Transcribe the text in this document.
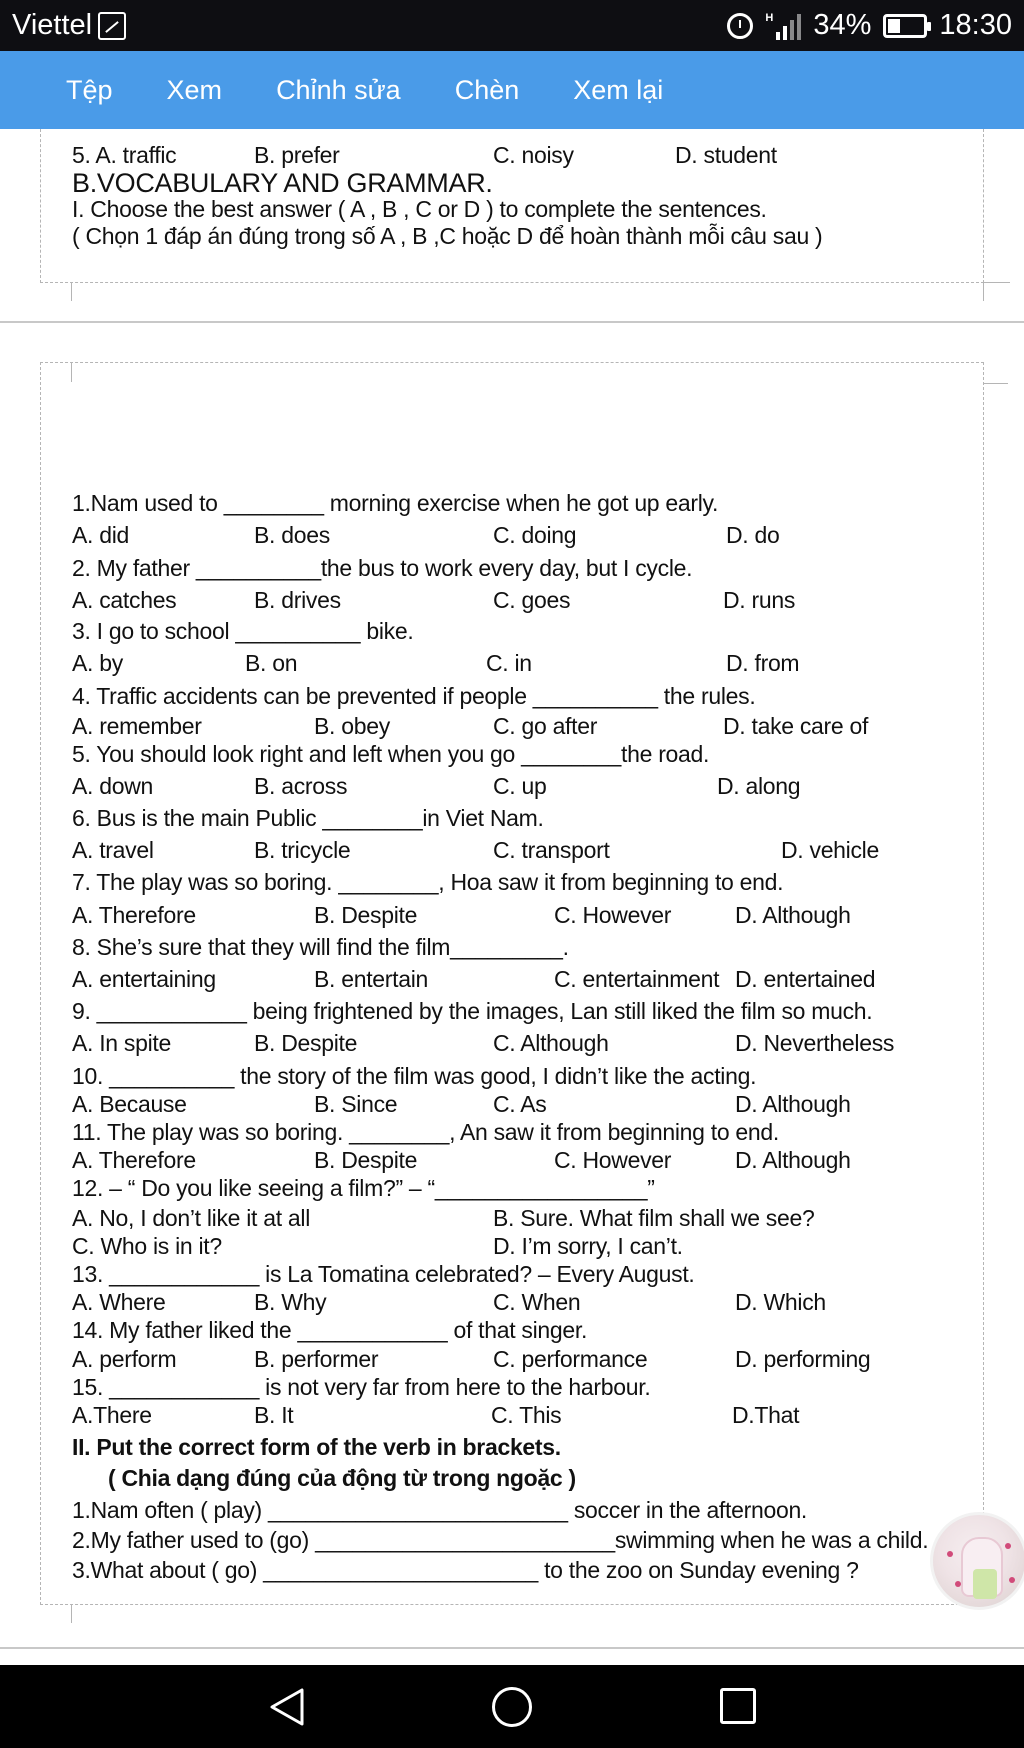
Viettel	H 34% 18:30
Tệp Xem Chỉnh sửa Chèn Xem lại
5. A. traffic	B. prefer	C. noisy	D. student
B.VOCABULARY AND GRAMMAR.
I. Choose the best answer ( A , B , C or D ) to complete the sentences.
( Chọn 1 đáp án đúng trong số A , B ,C hoặc D để hoàn thành mỗi câu sau )
1.Nam used to ________ morning exercise when he got up early.
A. did	B. does	C. doing	D. do
2. My father __________the bus to work every day, but I cycle.
A. catches	B. drives	C. goes	D. runs
3. I go to school __________ bike.
A. by	B. on	C. in	D. from
4. Traffic accidents can be prevented if people __________ the rules.
A. remember	B. obey	C. go after	D. take care of
5. You should look right and left when you go ________the road.
A. down	B. across	C. up	D. along
6. Bus is the main Public ________in Viet Nam.
A. travel	B. tricycle	C. transport	D. vehicle
7. The play was so boring. ________, Hoa saw it from beginning to end.
A. Therefore	B. Despite	C. However	D. Although
8. She’s sure that they will find the film_________.
A. entertaining	B. entertain	C. entertainment D. entertained
9. ____________ being frightened by the images, Lan still liked the film so much.
A. In spite	B. Despite	C. Although	D. Nevertheless
10. __________ the story of the film was good, I didn’t like the acting.
A. Because	B. Since	C. As	D. Although
11. The play was so boring. ________, An saw it from beginning to end.
A. Therefore	B. Despite	C. However	D. Although
12. – “ Do you like seeing a film?” – “_________________”
A. No, I don’t like it at all	B. Sure. What film shall we see?
C. Who is in it?	D. I’m sorry, I can’t.
13. ____________ is La Tomatina celebrated? – Every August.
A. Where	B. Why	C. When	D. Which
14. My father liked the ____________ of that singer.
A. perform	B. performer	C. performance	D. performing
15. ____________ is not very far from here to the harbour.
A.There	B. It	C. This	D.That
II. Put the correct form of the verb in brackets.
( Chia dạng đúng của động từ trong ngoặc )
1.Nam often ( play) ________________________ soccer in the afternoon.
2.My father used to (go) ________________________swimming when he was a child.
3.What about ( go) ______________________ to the zoo on Sunday evening ?
